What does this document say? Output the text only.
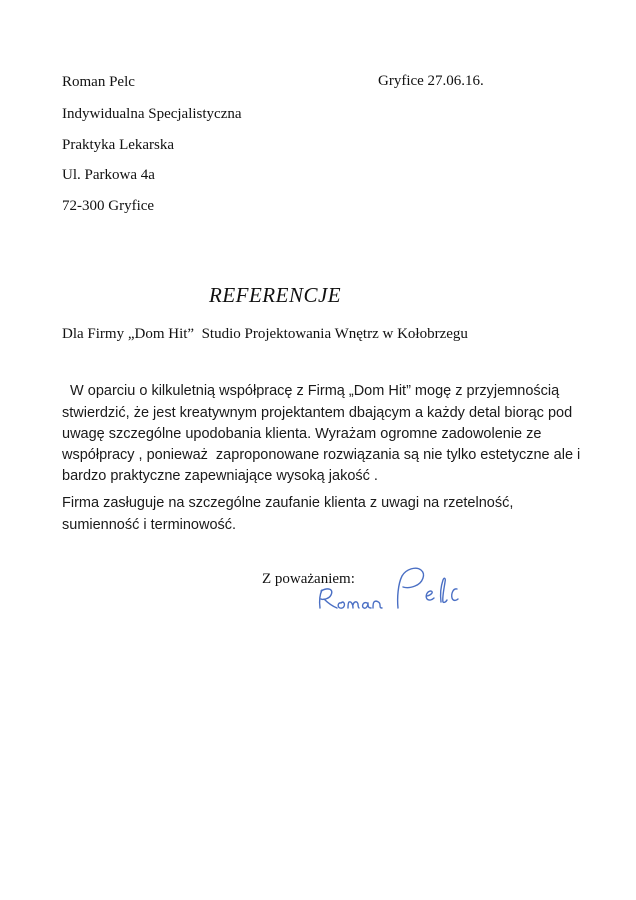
Roman Pelc
Indywidualna Specjalistyczna
Praktyka Lekarska
Ul. Parkowa 4a
72-300 Gryfice
Gryfice 27.06.16.
REFERENCJE
Dla Firmy „Dom Hit”  Studio Projektowania Wnętrz w Kołobrzegu
W oparciu o kilkuletnią współpracę z Firmą „Dom Hit” mogę z przyjemnością
stwierdzić, że jest kreatywnym projektantem dbającym a każdy detal biorąc pod
uwagę szczególne upodobania klienta. Wyrażam ogromne zadowolenie ze
współpracy , ponieważ  zaproponowane rozwiązania są nie tylko estetyczne ale i
bardzo praktyczne zapewniające wysoką jakość .
Firma zasługuje na szczególne zaufanie klienta z uwagi na rzetelność,
sumienność i terminowość.
Z poważaniem:
